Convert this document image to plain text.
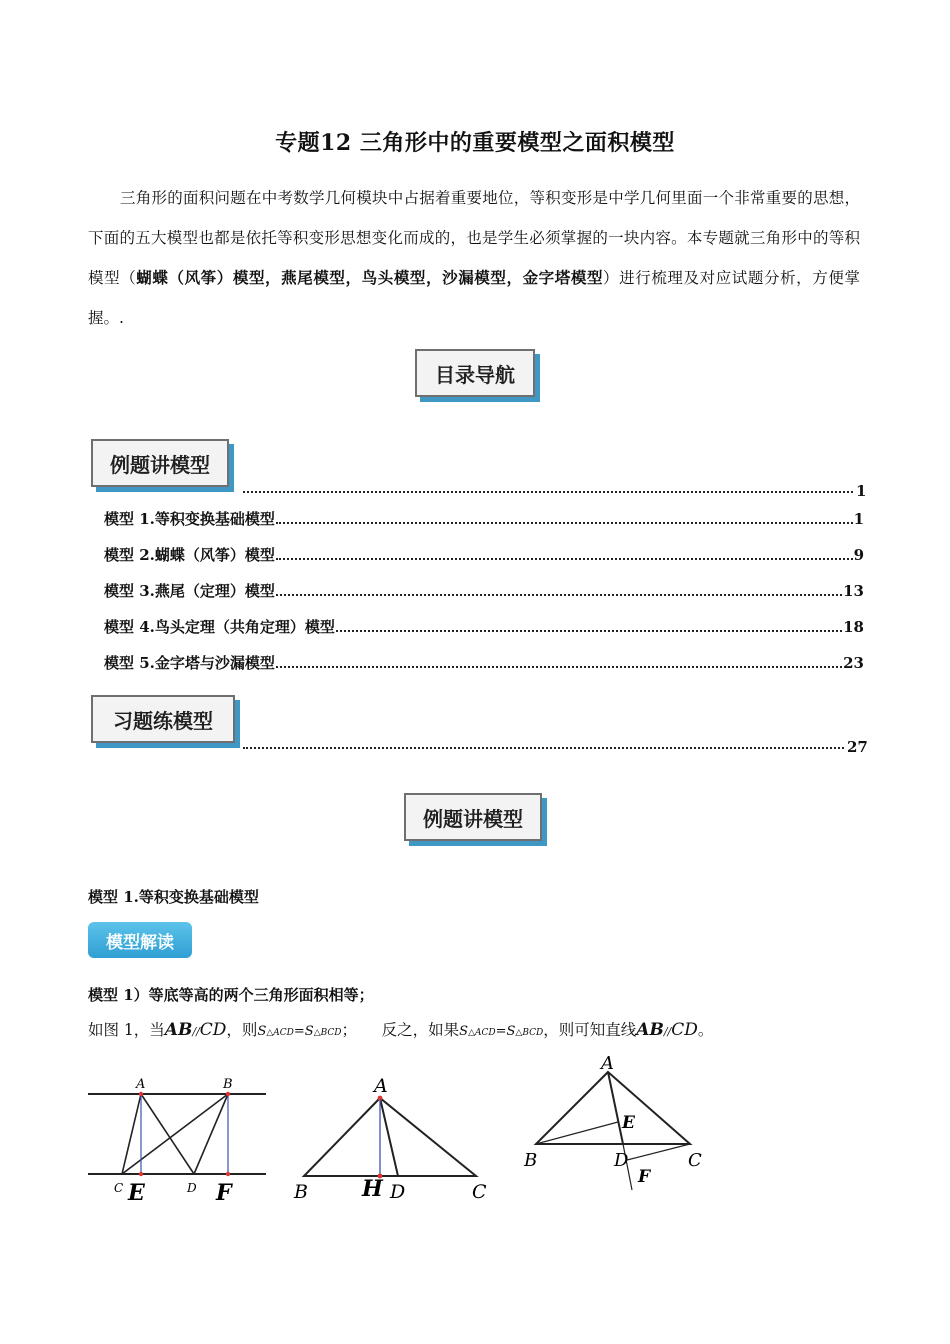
专题12 三角形中的重要模型之面积模型
三角形的面积问题在中考数学几何模块中占据着重要地位，等积变形是中学几何里面一个非常重要的思想，下面的五大模型也都是依托等积变形思想变化而成的，也是学生必须掌握的一块内容。本专题就三角形中的等积模型（蝴蝶（风筝）模型，燕尾模型，鸟头模型，沙漏模型，金字塔模型）进行梳理及对应试题分析，方便掌握。.
目录导航
例题讲模型
1
模型 1.等积变换基础模型	1
模型 2.蝴蝶（风筝）模型	9
模型 3.燕尾（定理）模型	13
模型 4.鸟头定理（共角定理）模型	18
模型 5.金字塔与沙漏模型	23
习题练模型
27
例题讲模型
模型 1.等积变换基础模型
模型解读
模型 1）等底等高的两个三角形面积相等；
如图 1，当AB//CD，则S△ACD=S△BCD； 反之，如果S△ACD=S△BCD，则可知直线AB//CD。
A	B
C E	D F
A
B H D	C
A
B	D	C
E
F
